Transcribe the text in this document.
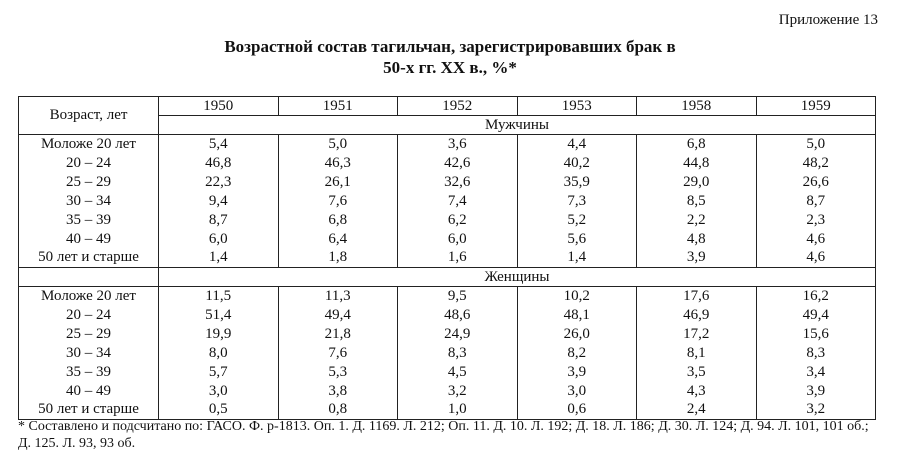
Приложение 13
Возрастной состав тагильчан, зарегистрировавших брак в
50-х гг. XX в., %*
Возраст, лет	1950	1951	1952	1953	1958	1959
	Мужчины					
Моложе 20 лет	5,4	5,0	3,6	4,4	6,8	5,0
20 – 24	46,8	46,3	42,6	40,2	44,8	48,2
25 – 29	22,3	26,1	32,6	35,9	29,0	26,6
30 – 34	9,4	7,6	7,4	7,3	8,5	8,7
35 – 39	8,7	6,8	6,2	5,2	2,2	2,3
40 – 49	6,0	6,4	6,0	5,6	4,8	4,6
50 лет и старше	1,4	1,8	1,6	1,4	3,9	4,6
	Женщины					
Моложе 20 лет	11,5	11,3	9,5	10,2	17,6	16,2
20 – 24	51,4	49,4	48,6	48,1	46,9	49,4
25 – 29	19,9	21,8	24,9	26,0	17,2	15,6
30 – 34	8,0	7,6	8,3	8,2	8,1	8,3
35 – 39	5,7	5,3	4,5	3,9	3,5	3,4
40 – 49	3,0	3,8	3,2	3,0	4,3	3,9
50 лет и старше	0,5	0,8	1,0	0,6	2,4	3,2
* Составлено и подсчитано по: ГАСО. Ф. р-1813. Оп. 1. Д. 1169. Л. 212; Оп. 11. Д. 10. Л. 192; Д. 18. Л. 186; Д. 30. Л. 124; Д. 94. Л. 101, 101 об.; Д. 125. Л. 93, 93 об.
